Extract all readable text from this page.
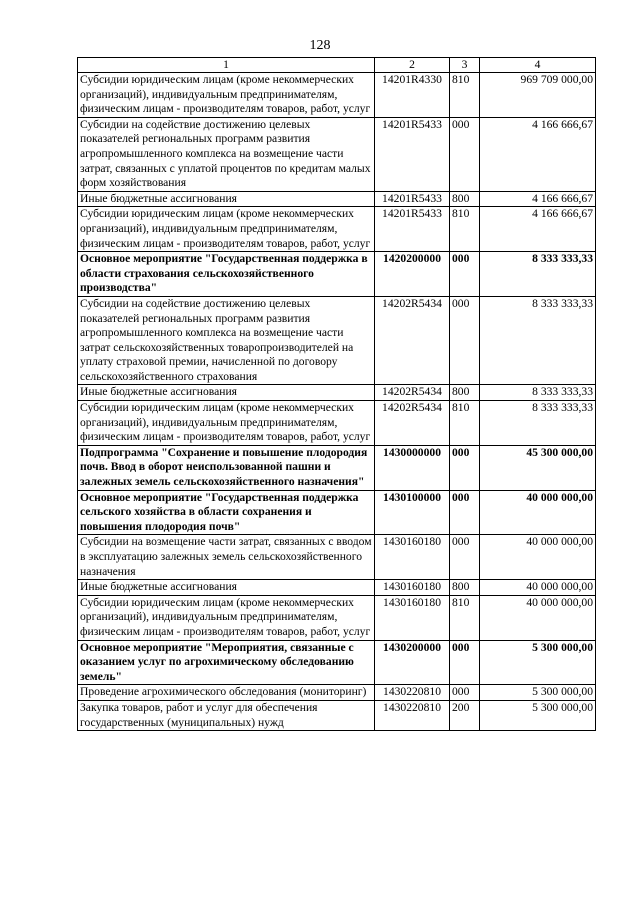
128
1	2	3	4
Субсидии юридическим лицам (кроме некоммерческих организаций), индивидуальным предпринимателям, физическим лицам - производителям товаров, работ, услуг	14201R4330	810	969 709 000,00
Субсидии на содействие достижению целевых показателей региональных программ развития агропромышленного комплекса на возмещение части затрат, связанных с уплатой процентов по кредитам малых форм хозяйствования	14201R5433	000	4 166 666,67
Иные бюджетные ассигнования	14201R5433	800	4 166 666,67
Субсидии юридическим лицам (кроме некоммерческих организаций), индивидуальным предпринимателям, физическим лицам - производителям товаров, работ, услуг	14201R5433	810	4 166 666,67
Основное мероприятие "Государственная поддержка в области страхования сельскохозяйственного производства"	1420200000	000	8 333 333,33
Субсидии на содействие достижению целевых показателей региональных программ развития агропромышленного комплекса на возмещение части затрат сельскохозяйственных товаропроизводителей на уплату страховой премии, начисленной по договору сельскохозяйственного страхования	14202R5434	000	8 333 333,33
Иные бюджетные ассигнования	14202R5434	800	8 333 333,33
Субсидии юридическим лицам (кроме некоммерческих организаций), индивидуальным предпринимателям, физическим лицам - производителям товаров, работ, услуг	14202R5434	810	8 333 333,33
Подпрограмма "Сохранение и повышение плодородия почв. Ввод в оборот неиспользованной пашни и залежных земель сельскохозяйственного назначения"	1430000000	000	45 300 000,00
Основное мероприятие "Государственная поддержка сельского хозяйства в области сохранения и повышения плодородия почв"	1430100000	000	40 000 000,00
Субсидии на возмещение части затрат, связанных с вводом в эксплуатацию залежных земель сельскохозяйственного назначения	1430160180	000	40 000 000,00
Иные бюджетные ассигнования	1430160180	800	40 000 000,00
Субсидии юридическим лицам (кроме некоммерческих организаций), индивидуальным предпринимателям, физическим лицам - производителям товаров, работ, услуг	1430160180	810	40 000 000,00
Основное мероприятие "Мероприятия, связанные с оказанием услуг по агрохимическому обследованию земель"	1430200000	000	5 300 000,00
Проведение агрохимического обследования (мониторинг)	1430220810	000	5 300 000,00
Закупка товаров, работ и услуг для обеспечения государственных (муниципальных) нужд	1430220810	200	5 300 000,00
